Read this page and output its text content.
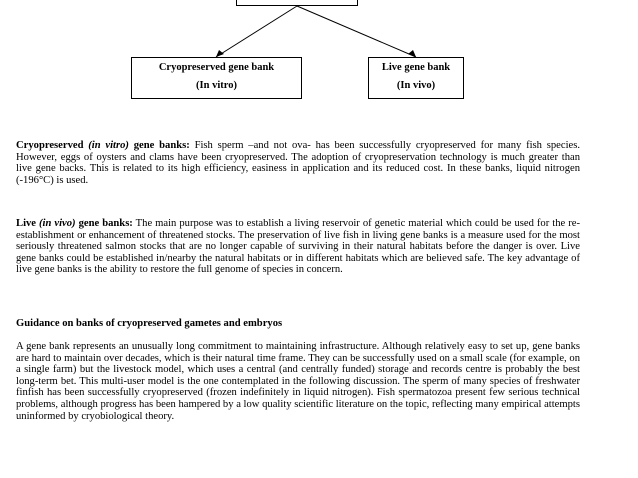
Cryopreserved gene bank
(In vitro)
Live gene bank
(In vivo)

Cryopreserved (in vitro) gene banks: Fish sperm –and not ova- has been successfully cryopreserved for many fish species. However, eggs of oysters and clams have been cryopreserved. The adoption of cryopreservation technology is much greater than live gene backs. This is related to its high efficiency, easiness in application and its reduced cost. In these banks, liquid nitrogen (-196°C) is used.

Live (in vivo) gene banks: The main purpose was to establish a living reservoir of genetic material which could be used for the re-establishment or enhancement of threatened stocks. The preservation of live fish in living gene banks is a measure used for the most seriously threatened salmon stocks that are no longer capable of surviving in their natural habitats before the danger is over. Live gene banks could be established in/nearby the natural habitats or in different habitats which are believed safe. The key advantage of live gene banks is the ability to restore the full genome of species in concern.

Guidance on banks of cryopreserved gametes and embryos

A gene bank represents an unusually long commitment to maintaining infrastructure. Although relatively easy to set up, gene banks are hard to maintain over decades, which is their natural time frame. They can be successfully used on a small scale (for example, on a single farm) but the livestock model, which uses a central (and centrally funded) storage and records centre is probably the best long-term bet. This multi-user model is the one contemplated in the following discussion. The sperm of many species of freshwater finfish has been successfully cryopreserved (frozen indefinitely in liquid nitrogen). Fish spermatozoa present few serious technical problems, although progress has been hampered by a low quality scientific literature on the topic, reflecting many empirical attempts uninformed by cryobiological theory.
